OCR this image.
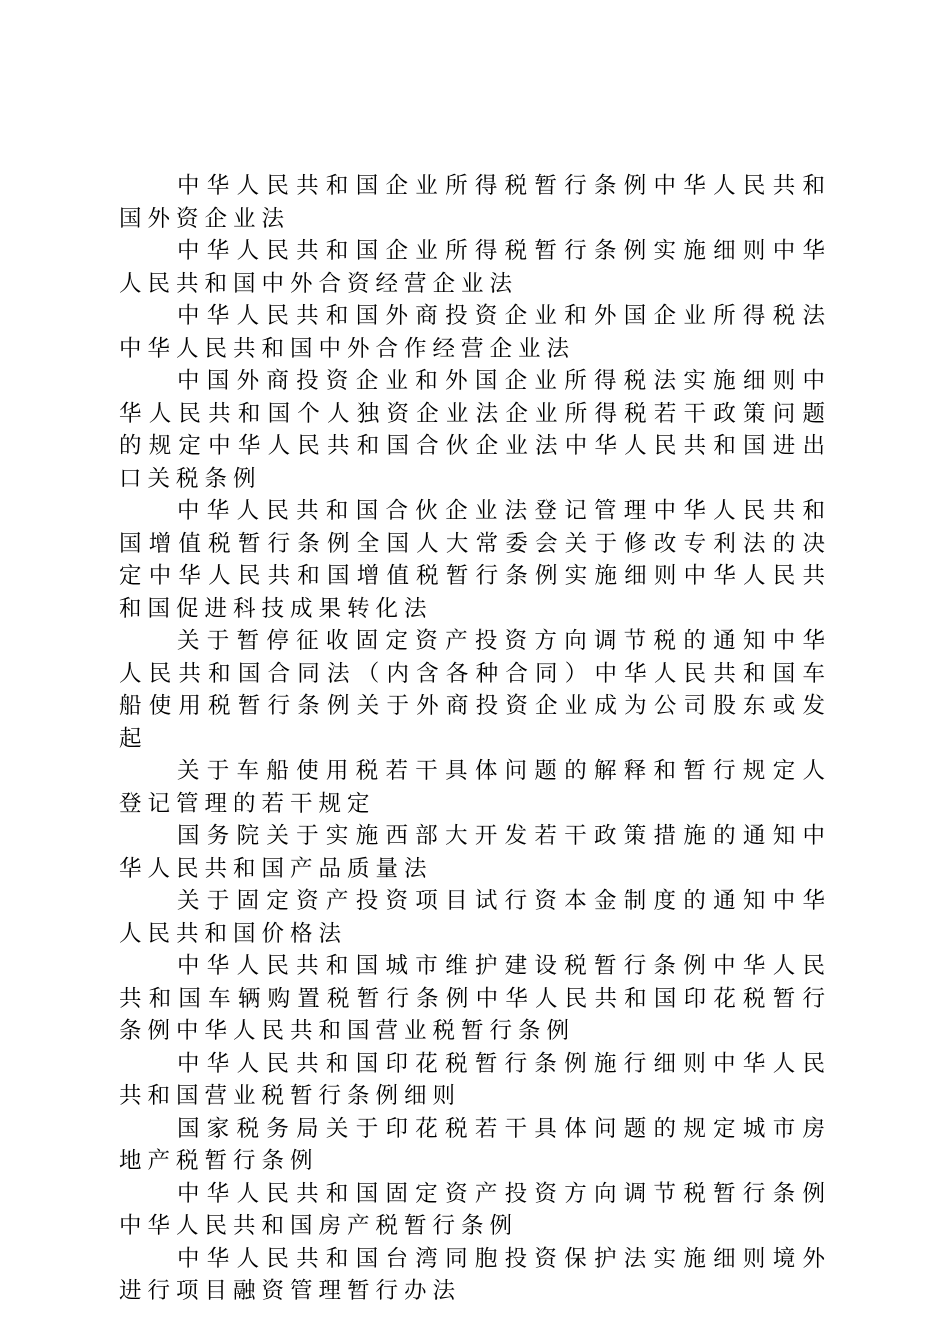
中华人民共和国企业所得税暂行条例中华人民共和国外资企业法

中华人民共和国企业所得税暂行条例实施细则中华人民共和国中外合资经营企业法

中华人民共和国外商投资企业和外国企业所得税法中华人民共和国中外合作经营企业法

中国外商投资企业和外国企业所得税法实施细则中华人民共和国个人独资企业法企业所得税若干政策问题的规定中华人民共和国合伙企业法中华人民共和国进出口关税条例

中华人民共和国合伙企业法登记管理中华人民共和国增值税暂行条例全国人大常委会关于修改专利法的决定中华人民共和国增值税暂行条例实施细则中华人民共和国促进科技成果转化法

关于暂停征收固定资产投资方向调节税的通知中华人民共和国合同法（内含各种合同）中华人民共和国车船使用税暂行条例关于外商投资企业成为公司股东或发起

关于车船使用税若干具体问题的解释和暂行规定人登记管理的若干规定

国务院关于实施西部大开发若干政策措施的通知中华人民共和国产品质量法

关于固定资产投资项目试行资本金制度的通知中华人民共和国价格法

中华人民共和国城市维护建设税暂行条例中华人民共和国车辆购置税暂行条例中华人民共和国印花税暂行条例中华人民共和国营业税暂行条例

中华人民共和国印花税暂行条例施行细则中华人民共和国营业税暂行条例细则

国家税务局关于印花税若干具体问题的规定城市房地产税暂行条例

中华人民共和国固定资产投资方向调节税暂行条例中华人民共和国房产税暂行条例

中华人民共和国台湾同胞投资保护法实施细则境外进行项目融资管理暂行办法
